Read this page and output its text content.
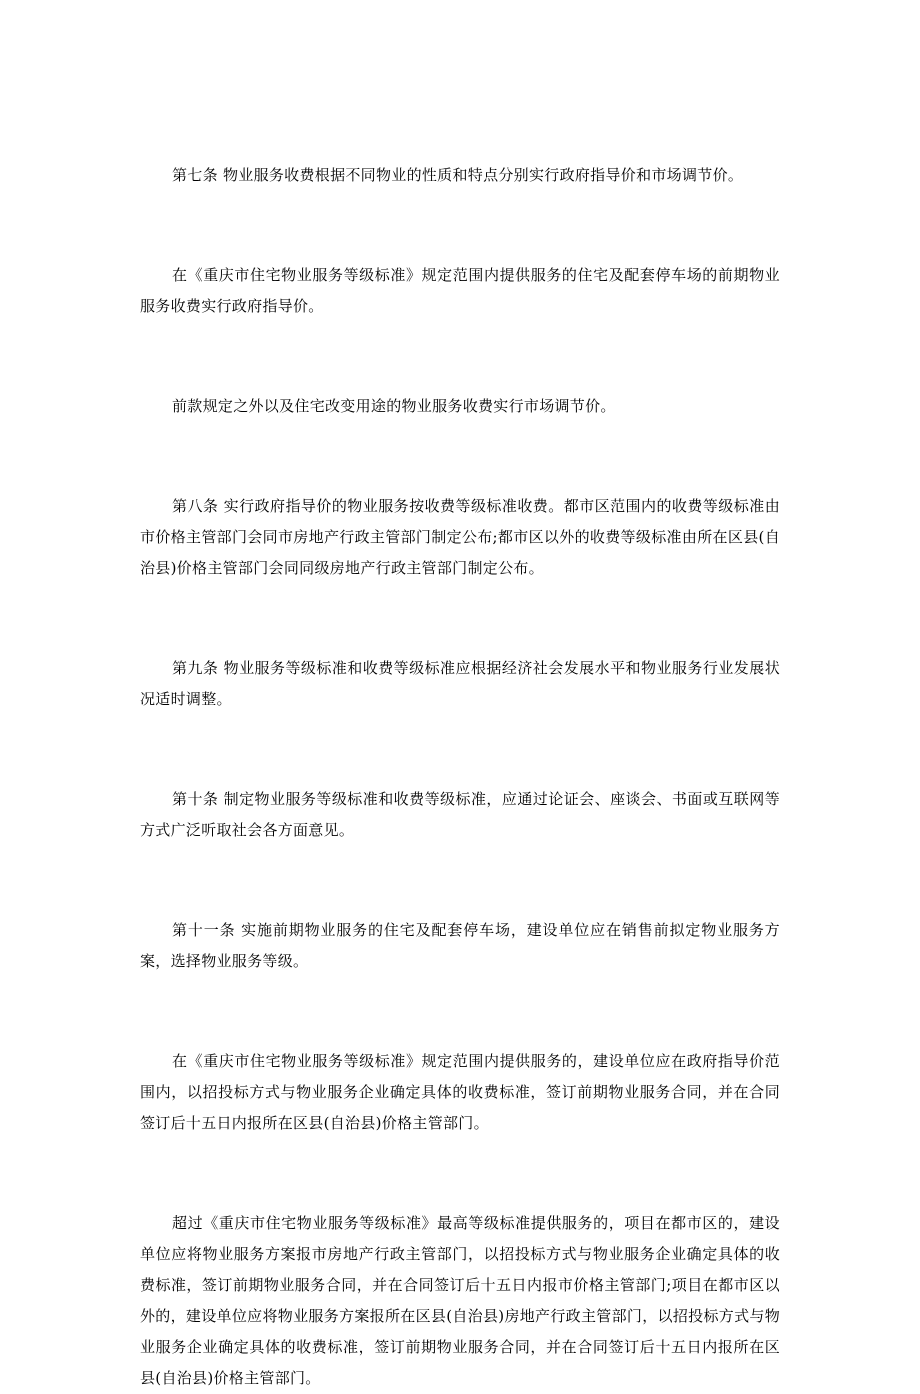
第七条 物业服务收费根据不同物业的性质和特点分别实行政府指导价和市场调节价。

在《重庆市住宅物业服务等级标准》规定范围内提供服务的住宅及配套停车场的前期物业服务收费实行政府指导价。

前款规定之外以及住宅改变用途的物业服务收费实行市场调节价。

第八条 实行政府指导价的物业服务按收费等级标准收费。都市区范围内的收费等级标准由市价格主管部门会同市房地产行政主管部门制定公布;都市区以外的收费等级标准由所在区县(自治县)价格主管部门会同同级房地产行政主管部门制定公布。

第九条 物业服务等级标准和收费等级标准应根据经济社会发展水平和物业服务行业发展状况适时调整。

第十条 制定物业服务等级标准和收费等级标准，应通过论证会、座谈会、书面或互联网等方式广泛听取社会各方面意见。

第十一条 实施前期物业服务的住宅及配套停车场，建设单位应在销售前拟定物业服务方案，选择物业服务等级。

在《重庆市住宅物业服务等级标准》规定范围内提供服务的，建设单位应在政府指导价范围内，以招投标方式与物业服务企业确定具体的收费标准，签订前期物业服务合同，并在合同签订后十五日内报所在区县(自治县)价格主管部门。

超过《重庆市住宅物业服务等级标准》最高等级标准提供服务的，项目在都市区的，建设单位应将物业服务方案报市房地产行政主管部门，以招投标方式与物业服务企业确定具体的收费标准，签订前期物业服务合同，并在合同签订后十五日内报市价格主管部门;项目在都市区以外的，建设单位应将物业服务方案报所在区县(自治县)房地产行政主管部门，以招投标方式与物业服务企业确定具体的收费标准，签订前期物业服务合同，并在合同签订后十五日内报所在区县(自治县)价格主管部门。
